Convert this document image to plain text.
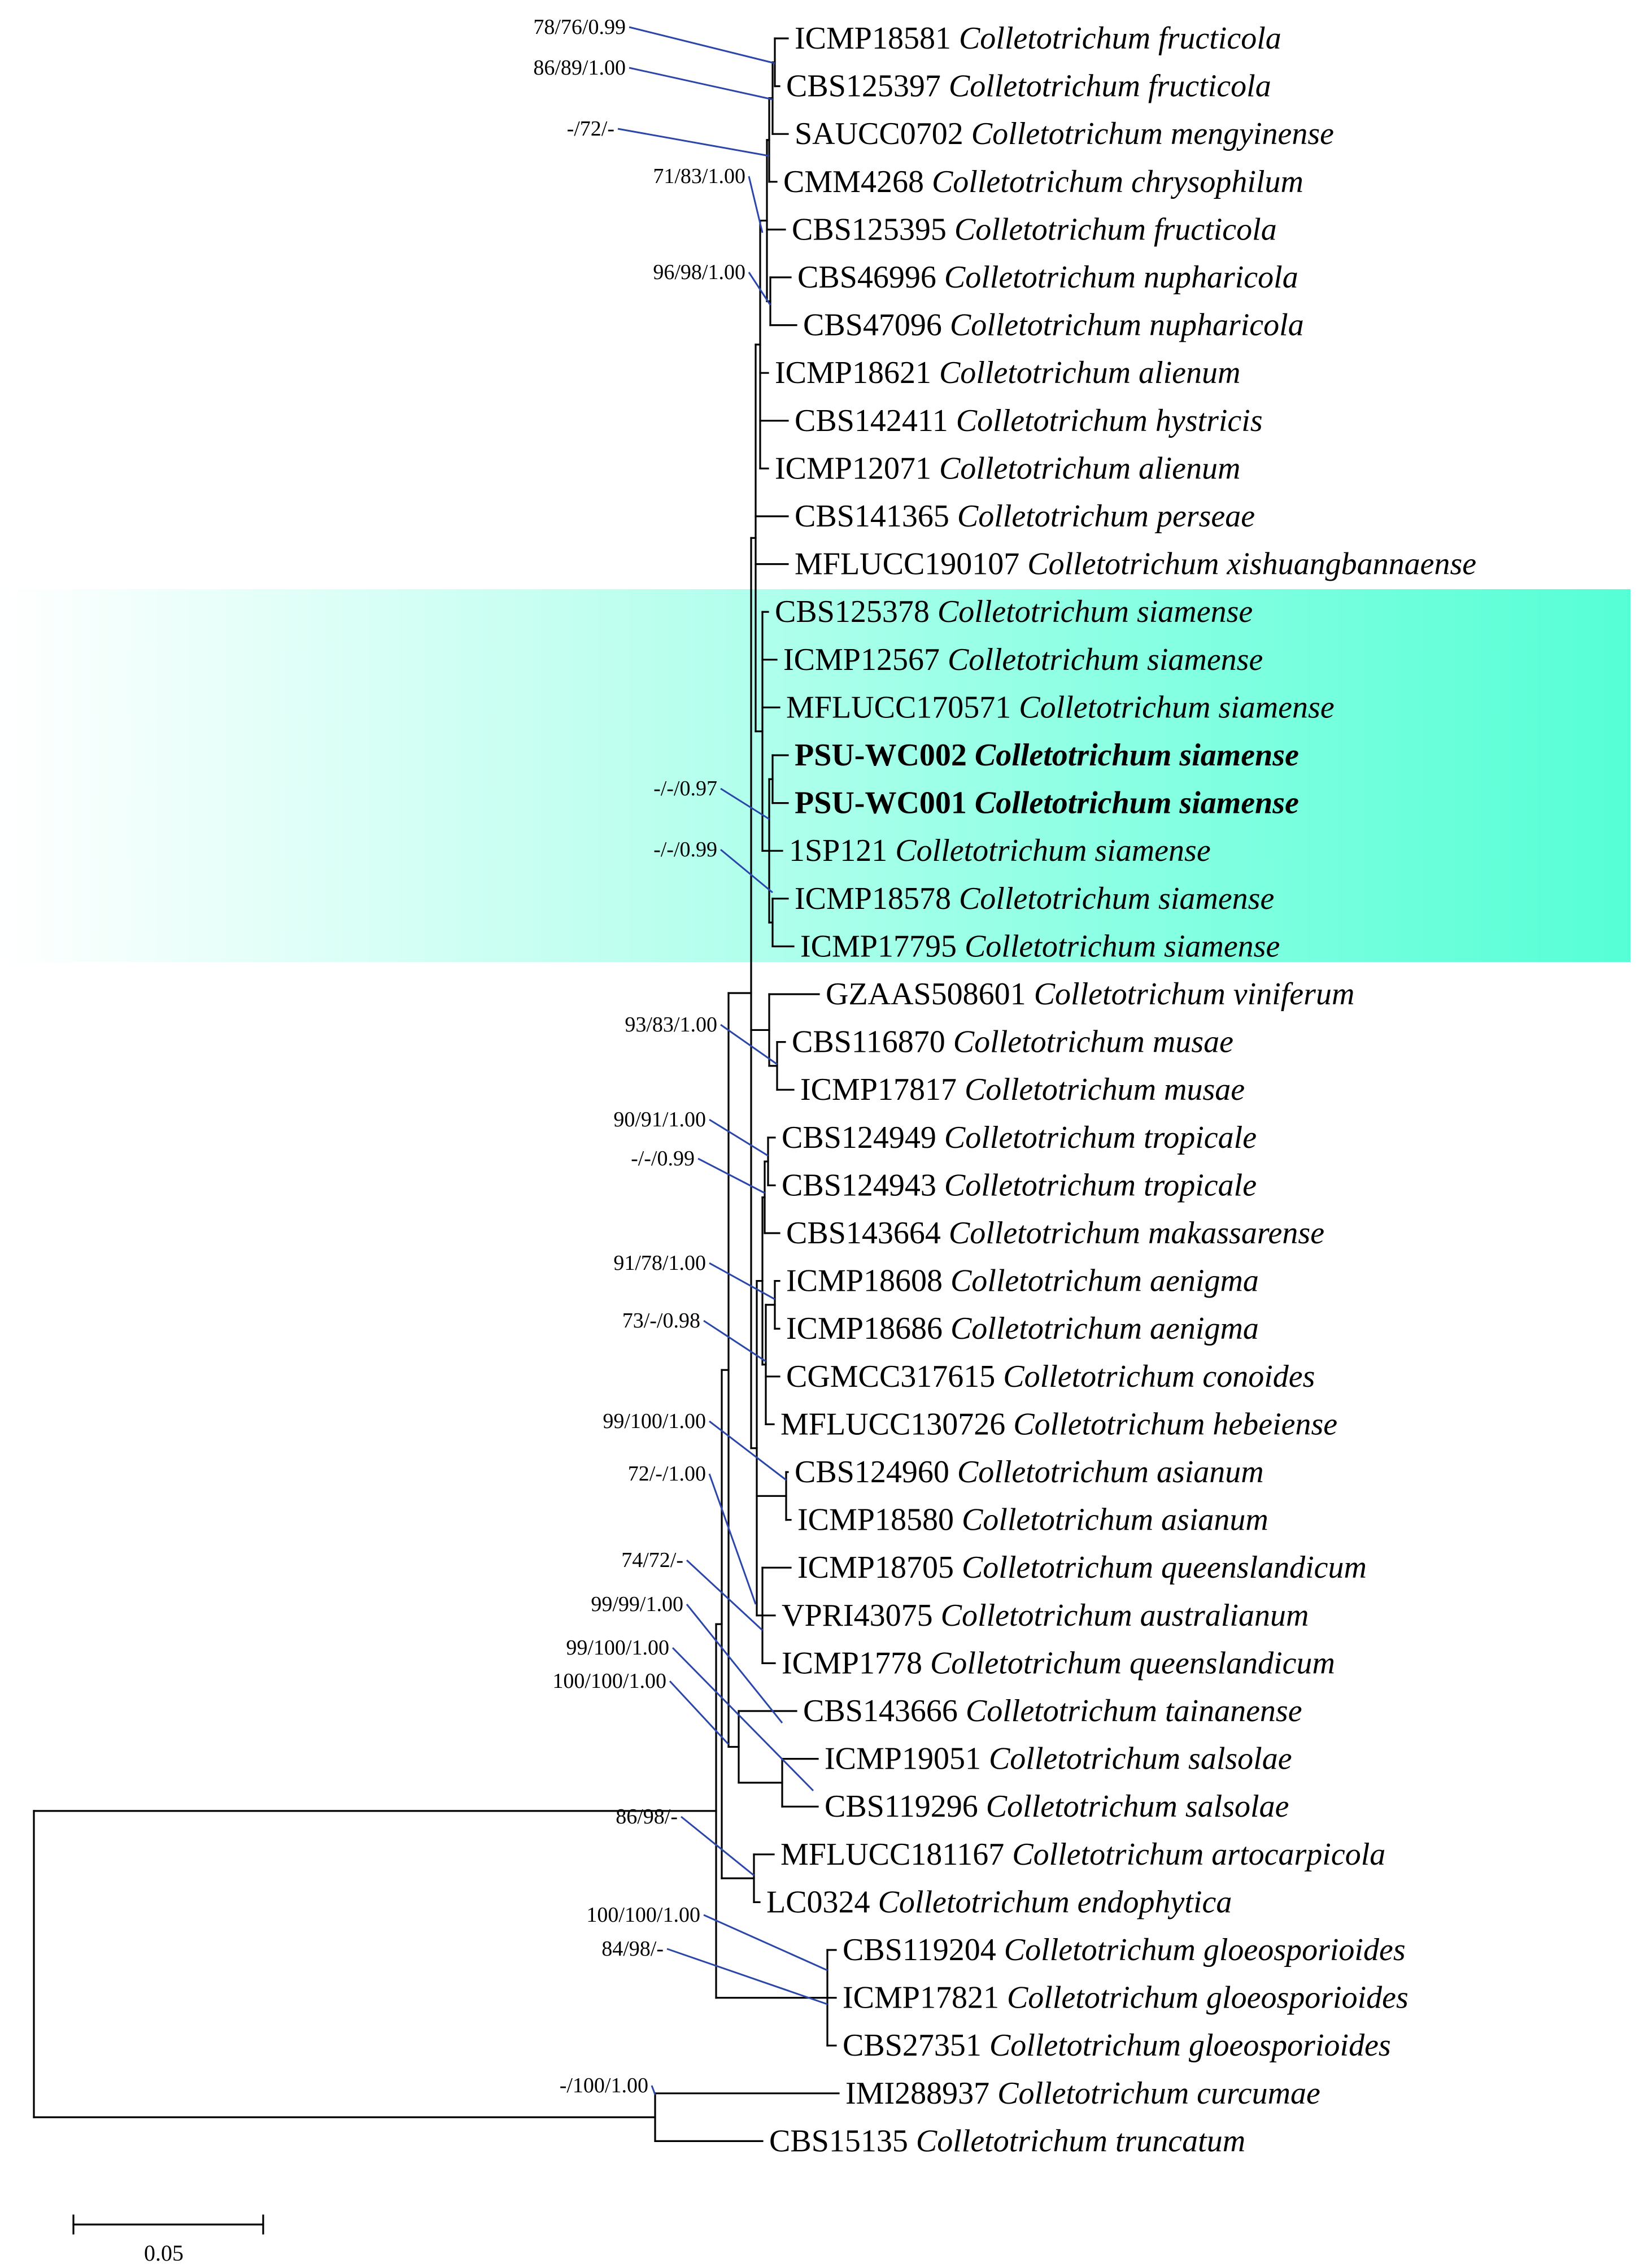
ICMP18581 Colletotrichum fructicola
CBS125397 Colletotrichum fructicola
SAUCC0702 Colletotrichum mengyinense
CMM4268 Colletotrichum chrysophilum
CBS125395 Colletotrichum fructicola
CBS46996 Colletotrichum nupharicola
CBS47096 Colletotrichum nupharicola
ICMP18621 Colletotrichum alienum
CBS142411 Colletotrichum hystricis
ICMP12071 Colletotrichum alienum
CBS141365 Colletotrichum perseae
MFLUCC190107 Colletotrichum xishuangbannaense
CBS125378 Colletotrichum siamense
ICMP12567 Colletotrichum siamense
MFLUCC170571 Colletotrichum siamense
PSU-WC002 Colletotrichum siamense
PSU-WC001 Colletotrichum siamense
1SP121 Colletotrichum siamense
ICMP18578 Colletotrichum siamense
ICMP17795 Colletotrichum siamense
GZAAS508601 Colletotrichum viniferum
CBS116870 Colletotrichum musae
ICMP17817 Colletotrichum musae
CBS124949 Colletotrichum tropicale
CBS124943 Colletotrichum tropicale
CBS143664 Colletotrichum makassarense
ICMP18608 Colletotrichum aenigma
ICMP18686 Colletotrichum aenigma
CGMCC317615 Colletotrichum conoides
MFLUCC130726 Colletotrichum hebeiense
CBS124960 Colletotrichum asianum
ICMP18580 Colletotrichum asianum
ICMP18705 Colletotrichum queenslandicum
VPRI43075 Colletotrichum australianum
ICMP1778 Colletotrichum queenslandicum
CBS143666 Colletotrichum tainanense
ICMP19051 Colletotrichum salsolae
CBS119296 Colletotrichum salsolae
MFLUCC181167 Colletotrichum artocarpicola
LC0324 Colletotrichum endophytica
CBS119204 Colletotrichum gloeosporioides
ICMP17821 Colletotrichum gloeosporioides
CBS27351 Colletotrichum gloeosporioides
IMI288937 Colletotrichum curcumae
CBS15135 Colletotrichum truncatum
78/76/0.99
86/89/1.00
-/72/-
71/83/1.00
96/98/1.00
-/-/0.97
-/-/0.99
93/83/1.00
90/91/1.00
-/-/0.99
91/78/1.00
73/-/0.98
99/100/1.00
72/-/1.00
74/72/-
99/99/1.00
99/100/1.00
100/100/1.00
86/98/-
100/100/1.00
84/98/-
-/100/1.00
0.05
